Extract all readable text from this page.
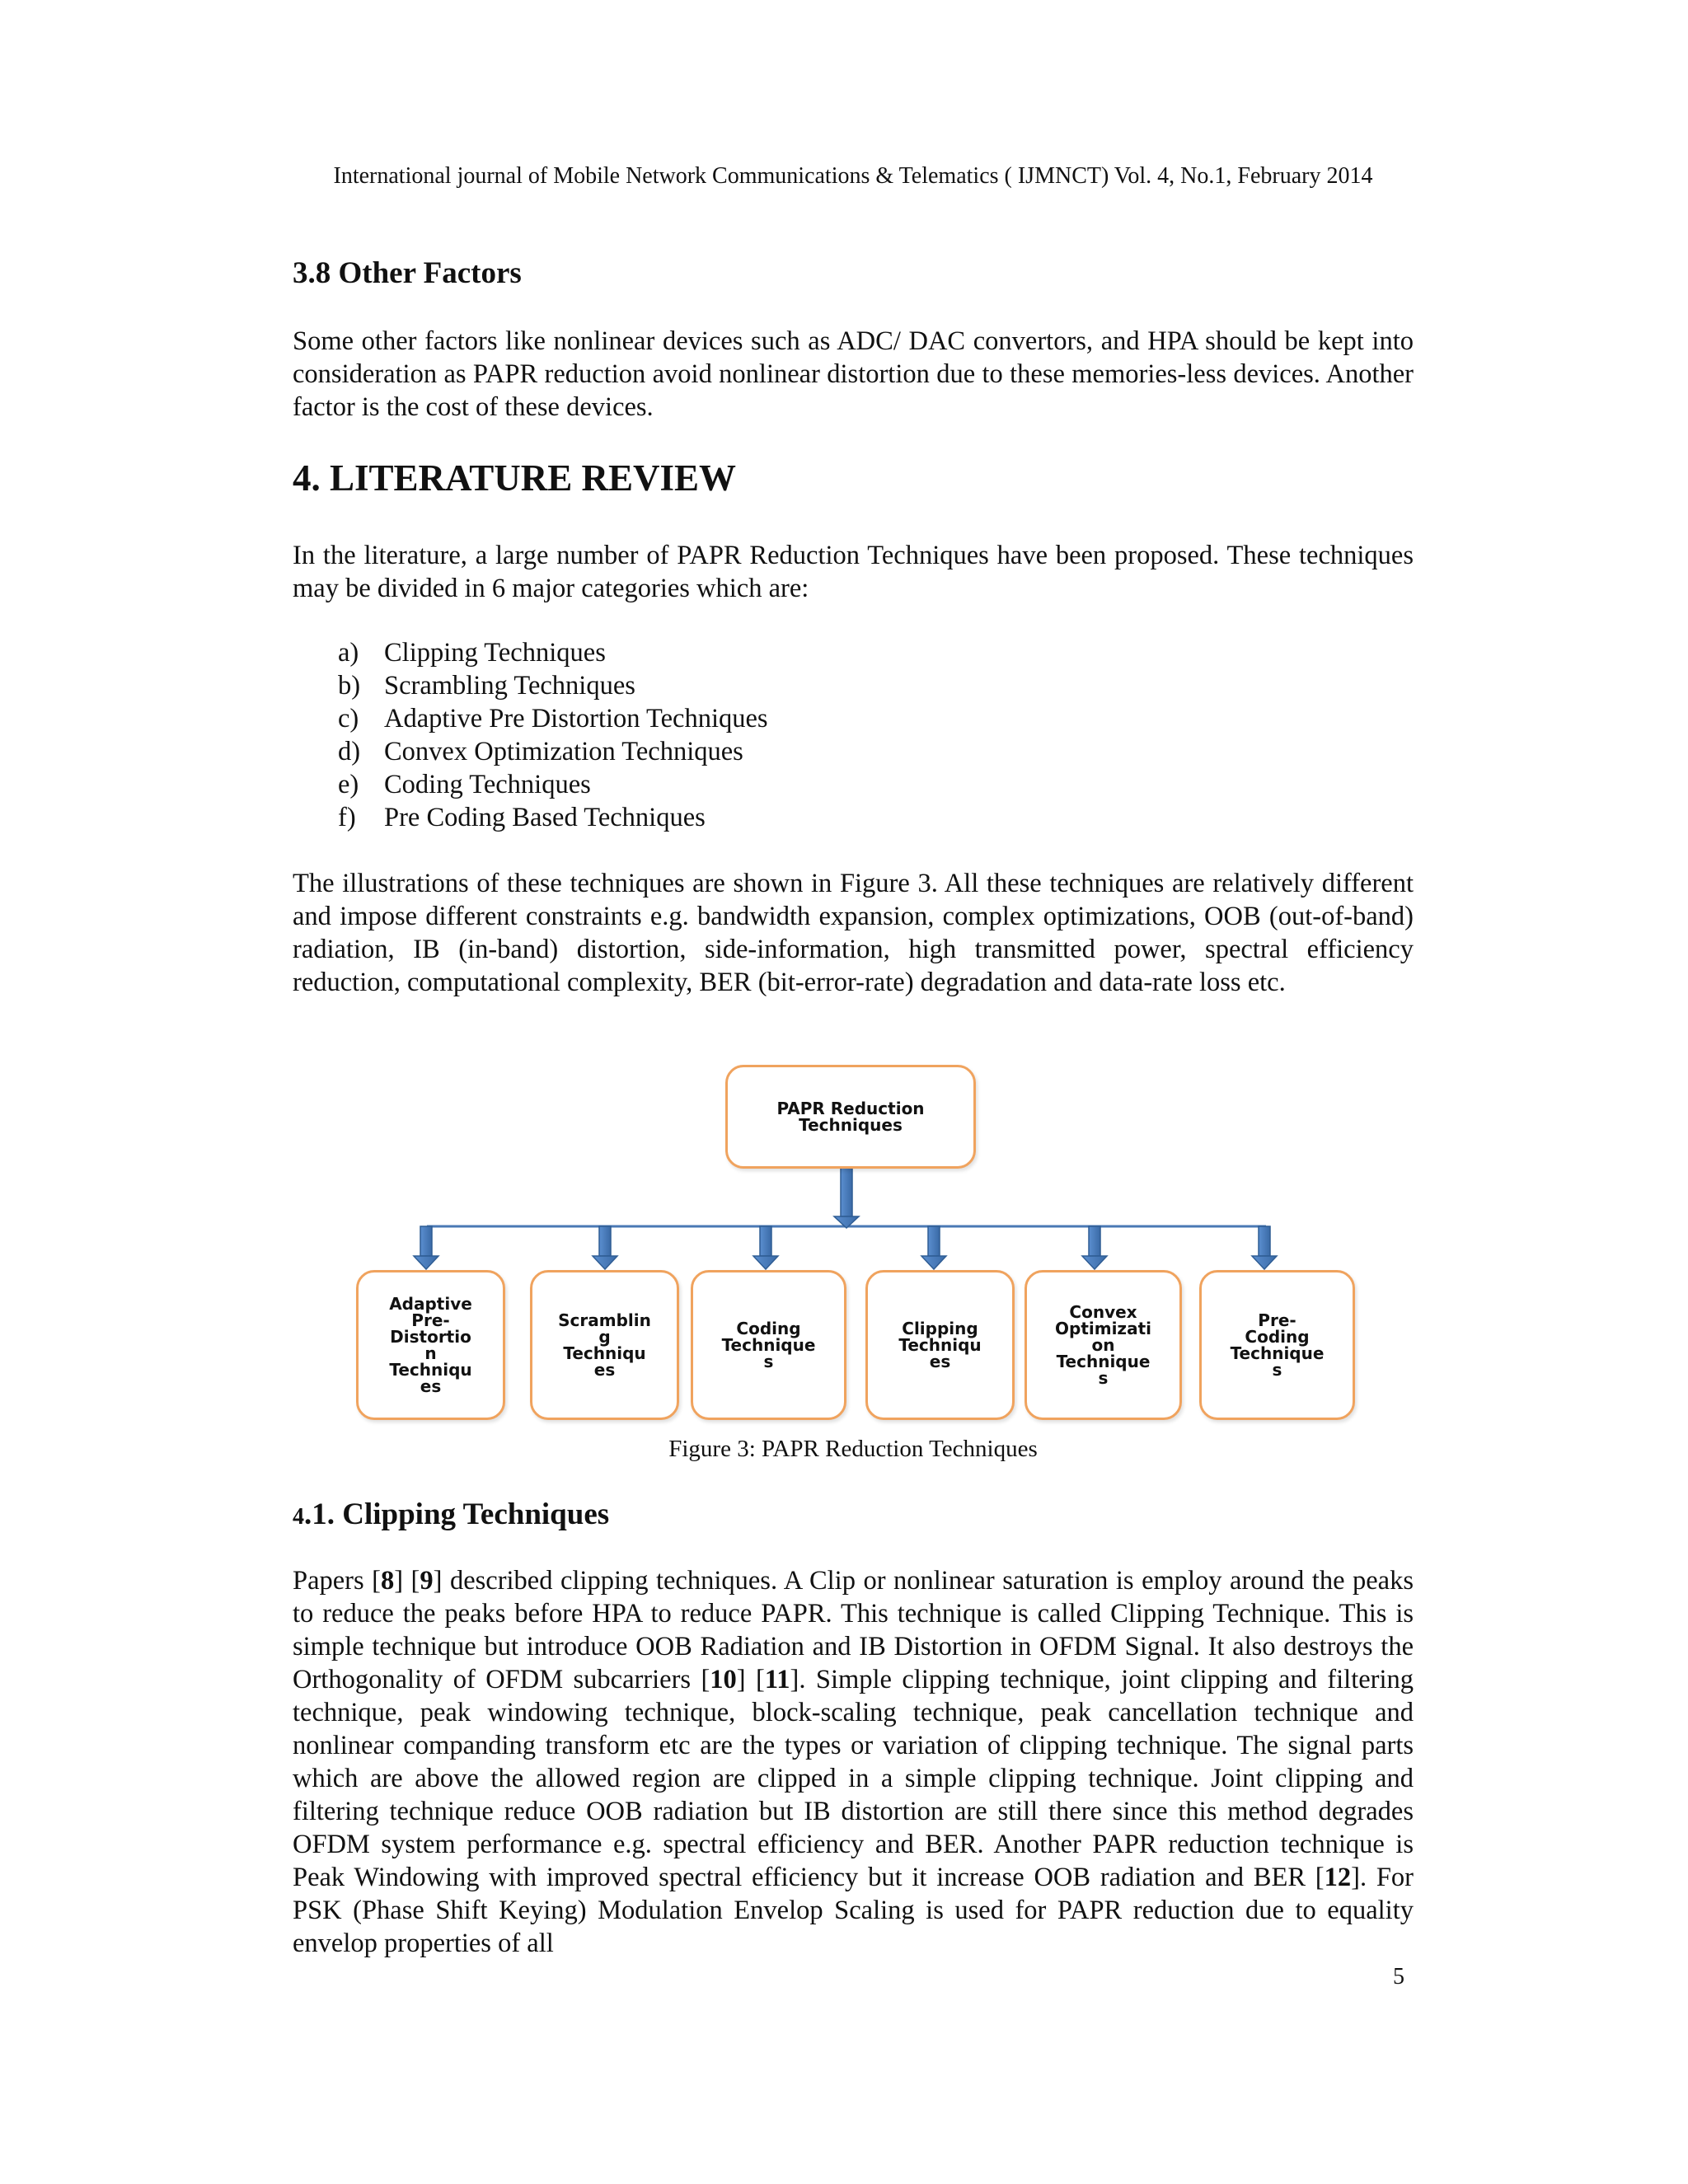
International journal of Mobile Network Communications & Telematics ( IJMNCT) Vol. 4, No.1, February 2014
3.8 Other Factors

Some other factors like nonlinear devices such as ADC/ DAC convertors, and HPA should be kept into consideration as PAPR reduction avoid nonlinear distortion due to these memories-less devices. Another factor is the cost of these devices.

4. LITERATURE REVIEW

In the literature, a large number of PAPR Reduction Techniques have been proposed. These techniques may be divided in 6 major categories which are:

a) Clipping Techniques
b) Scrambling Techniques
c) Adaptive Pre Distortion Techniques
d) Convex Optimization Techniques
e) Coding Techniques
f) Pre Coding Based Techniques

The illustrations of these techniques are shown in Figure 3. All these techniques are relatively different and impose different constraints e.g. bandwidth expansion, complex optimizations, OOB (out-of-band) radiation, IB (in-band) distortion, side-information, high transmitted power, spectral efficiency reduction, computational complexity, BER (bit-error-rate) degradation and data-rate loss etc.

PAPR Reduction
Techniques
Adaptive
Pre-
Distortio
n
Techniqu
es
Scramblin
g
Techniqu
es
Coding
Technique
s
Clipping
Techniqu
es
Convex
Optimizati
on
Technique
s
Pre-
Coding
Technique
s
Figure 3: PAPR Reduction Techniques
4.1. Clipping Techniques

Papers [8] [9] described clipping techniques. A Clip or nonlinear saturation is employ around the peaks to reduce the peaks before HPA to reduce PAPR. This technique is called Clipping Technique. This is simple technique but introduce OOB Radiation and IB Distortion in OFDM Signal. It also destroys the Orthogonality of OFDM subcarriers [10] [11]. Simple clipping technique, joint clipping and filtering technique, peak windowing technique, block-scaling technique, peak cancellation technique and nonlinear companding transform etc are the types or variation of clipping technique. The signal parts which are above the allowed region are clipped in a simple clipping technique. Joint clipping and filtering technique reduce OOB radiation but IB distortion are still there since this method degrades OFDM system performance e.g. spectral efficiency and BER. Another PAPR reduction technique is Peak Windowing with improved spectral efficiency but it increase OOB radiation and BER [12]. For PSK (Phase Shift Keying) Modulation Envelop Scaling is used for PAPR reduction due to equality envelop properties of all

5
